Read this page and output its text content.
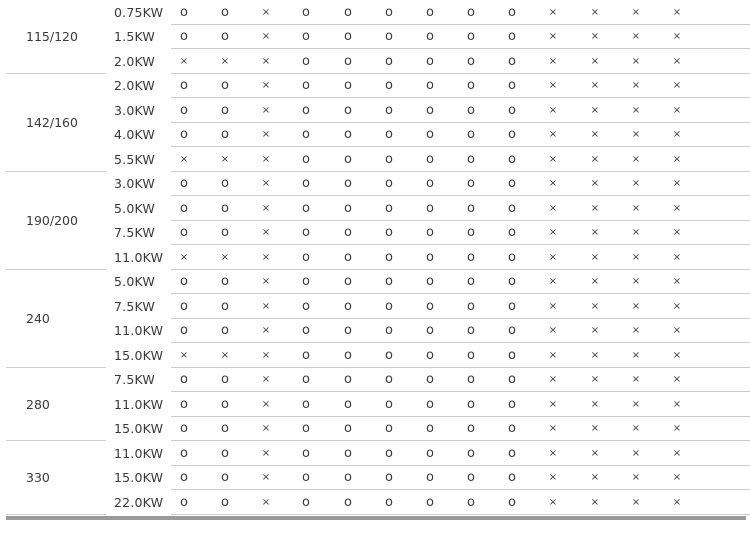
115/120
0.75KW	o	o	×	o	o	o	o	o	o	×	×	×	×
1.5KW	o	o	×	o	o	o	o	o	o	×	×	×	×
2.0KW	×	×	×	o	o	o	o	o	o	×	×	×	×
142/160
2.0KW	o	o	×	o	o	o	o	o	o	×	×	×	×
3.0KW	o	o	×	o	o	o	o	o	o	×	×	×	×
4.0KW	o	o	×	o	o	o	o	o	o	×	×	×	×
5.5KW	×	×	×	o	o	o	o	o	o	×	×	×	×
190/200
3.0KW	o	o	×	o	o	o	o	o	o	×	×	×	×
5.0KW	o	o	×	o	o	o	o	o	o	×	×	×	×
7.5KW	o	o	×	o	o	o	o	o	o	×	×	×	×
11.0KW	×	×	×	o	o	o	o	o	o	×	×	×	×
240
5.0KW	o	o	×	o	o	o	o	o	o	×	×	×	×
7.5KW	o	o	×	o	o	o	o	o	o	×	×	×	×
11.0KW	o	o	×	o	o	o	o	o	o	×	×	×	×
15.0KW	×	×	×	o	o	o	o	o	o	×	×	×	×
280
7.5KW	o	o	×	o	o	o	o	o	o	×	×	×	×
11.0KW	o	o	×	o	o	o	o	o	o	×	×	×	×
15.0KW	o	o	×	o	o	o	o	o	o	×	×	×	×
330
11.0KW	o	o	×	o	o	o	o	o	o	×	×	×	×
15.0KW	o	o	×	o	o	o	o	o	o	×	×	×	×
22.0KW	o	o	×	o	o	o	o	o	o	×	×	×	×
